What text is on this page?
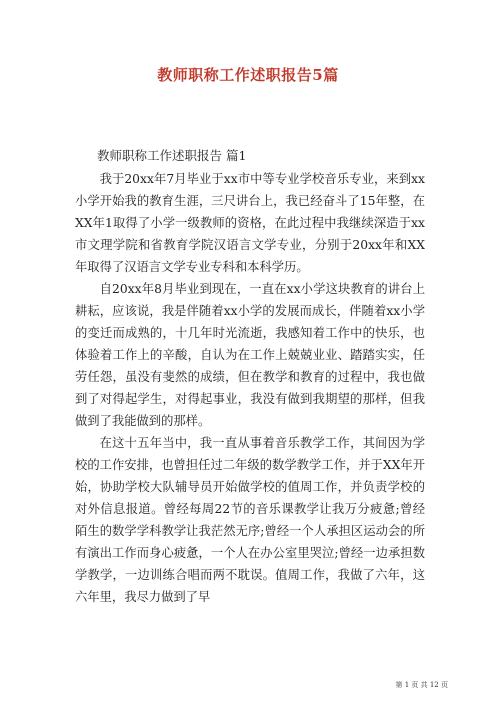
教师职称工作述职报告5篇
教师职称工作述职报告 篇1

我于20xx年7月毕业于xx市中等专业学校音乐专业，来到xx小学开始我的教育生涯，三尺讲台上，我已经奋斗了15年整，在XX年1取得了小学一级教师的资格，在此过程中我继续深造于xx市文理学院和省教育学院汉语言文学专业，分别于20xx年和XX年取得了汉语言文学专业专科和本科学历。

自20xx年8月毕业到现在，一直在xx小学这块教育的讲台上耕耘，应该说，我是伴随着xx小学的发展而成长，伴随着xx小学的变迁而成熟的，十几年时光流逝，我感知着工作中的快乐，也体验着工作上的辛酸，自认为在工作上兢兢业业、踏踏实实，任劳任怨，虽没有斐然的成绩，但在教学和教育的过程中，我也做到了对得起学生，对得起事业，我没有做到我期望的那样，但我做到了我能做到的那样。

在这十五年当中，我一直从事着音乐教学工作，其间因为学校的工作安排，也曾担任过二年级的数学教学工作，并于XX年开始，协助学校大队辅导员开始做学校的值周工作，并负责学校的对外信息报道。曾经每周22节的音乐课教学让我万分疲惫;曾经陌生的数学学科教学让我茫然无序;曾经一个人承担区运动会的所有演出工作而身心疲惫，一个人在办公室里哭泣;曾经一边承担数学教学，一边训练合唱而两不耽误。值周工作，我做了六年，这六年里，我尽力做到了早

第 1 页 共 12 页
